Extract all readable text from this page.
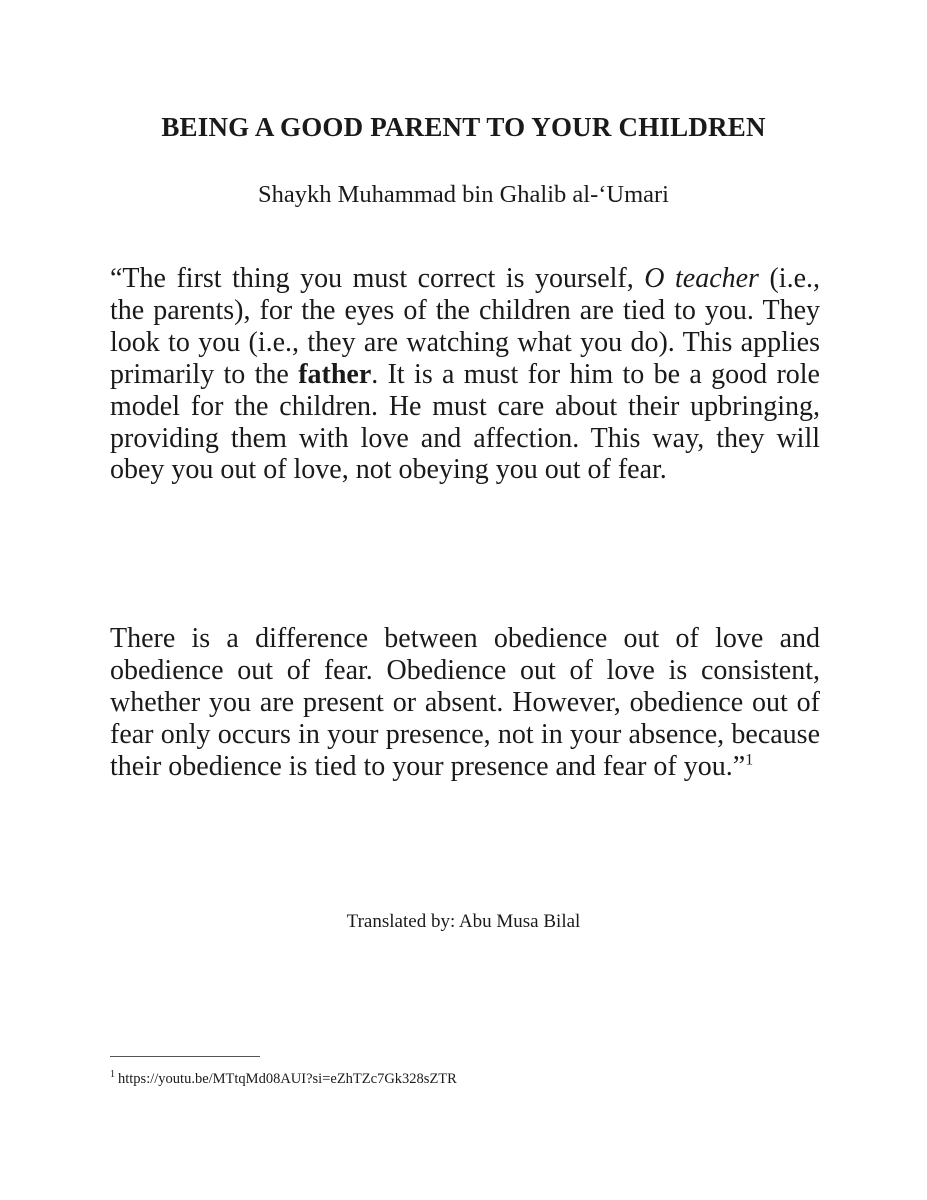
BEING A GOOD PARENT TO YOUR CHILDREN

Shaykh Muhammad bin Ghalib al-‘Umari

“The first thing you must correct is yourself, O teacher (i.e., the parents), for the eyes of the children are tied to you. They look to you (i.e., they are watching what you do). This applies primarily to the father. It is a must for him to be a good role model for the children. He must care about their upbringing, providing them with love and affection. This way, they will obey you out of love, not obeying you out of fear.

There is a difference between obedience out of love and obedience out of fear. Obedience out of love is consistent, whether you are present or absent. However, obedience out of fear only occurs in your presence, not in your absence, because their obedience is tied to your presence and fear of you.”$^1$

Translated by: Abu Musa Bilal

$^1$ https://youtu.be/MTtqMd08AUI?si=eZhTZc7Gk328sZTR
